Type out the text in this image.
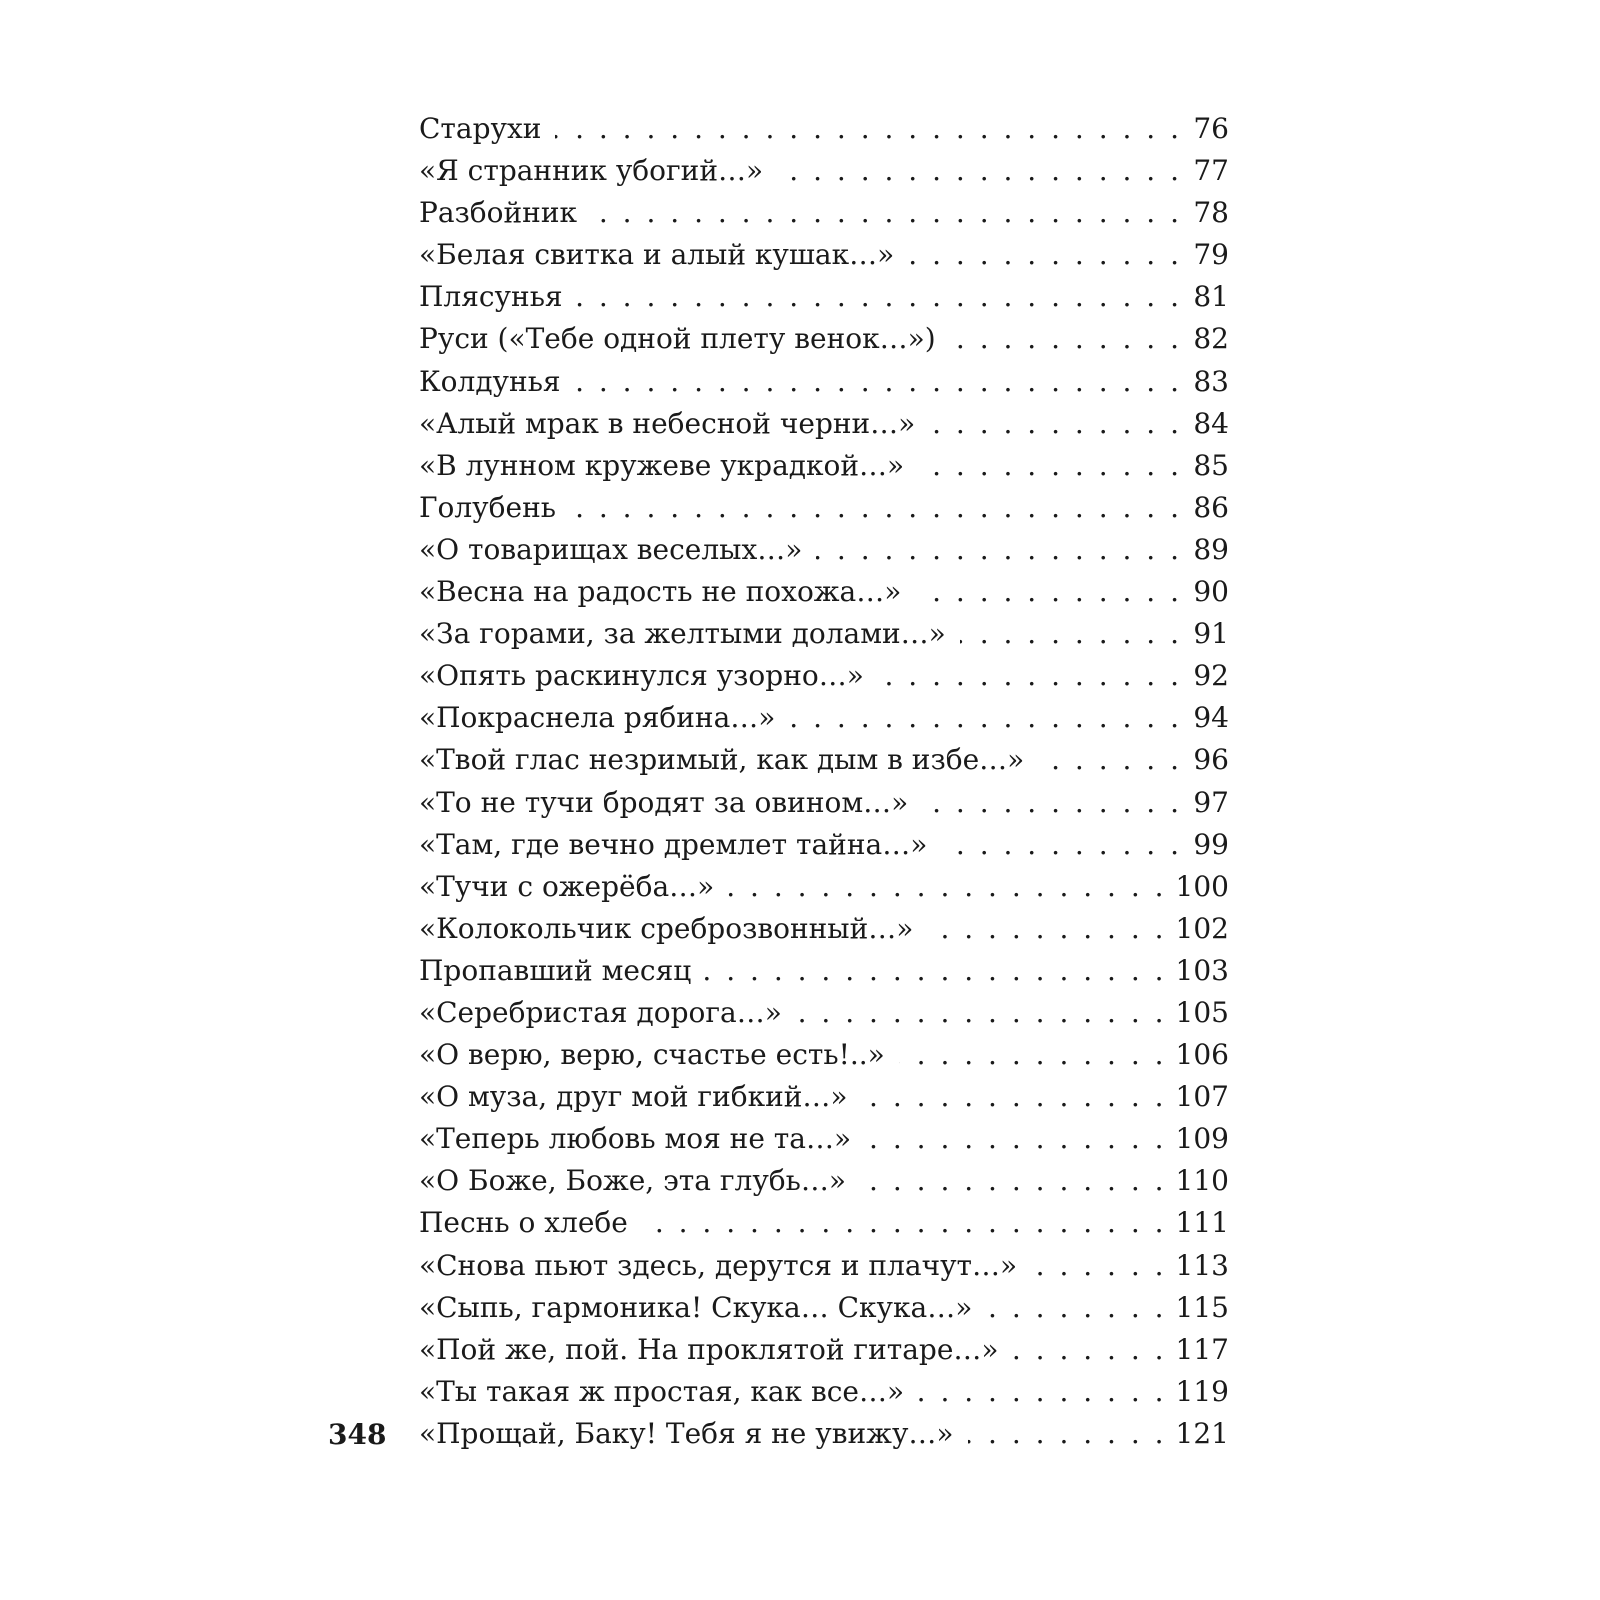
Старухи . . .	76
«Я странник убогий…» . . .	77
Разбойник . . .	78
«Белая свитка и алый кушак…» . . .	79
Плясунья . . .	81
Руси («Тебе одной плету венок…») . . .	82
Колдунья . . .	83
«Алый мрак в небесной черни…» . . .	84
«В лунном кружеве украдкой…» . . .	85
Голубень . . .	86
«О товарищах веселых…» . . .	89
«Весна на радость не похожа…» . . .	90
«За горами, за желтыми долами…» . . .	91
«Опять раскинулся узорно…» . . .	92
«Покраснела рябина…» . . .	94
«Твой глас незримый, как дым в избе…» . . .	96
«То не тучи бродят за овином…» . . .	97
«Там, где вечно дремлет тайна…» . . .	99
«Тучи с ожерёба…» . . .	100
«Колокольчик среброзвонный…» . . .	102
Пропавший месяц . . .	103
«Серебристая дорога…» . . .	105
«О верю, верю, счастье есть!..» . . .	106
«О муза, друг мой гибкий…» . . .	107
«Теперь любовь моя не та…» . . .	109
«О Боже, Боже, эта глубь…» . . .	110
Песнь о хлебе . . .	111
«Снова пьют здесь, дерутся и плачут…» . . .	113
«Сыпь, гармоника! Скука… Скука…» . . .	115
«Пой же, пой. На проклятой гитаре…» . . .	117
«Ты такая ж простая, как все…» . . .	119
«Прощай, Баку! Тебя я не увижу…» . . .	121
348
